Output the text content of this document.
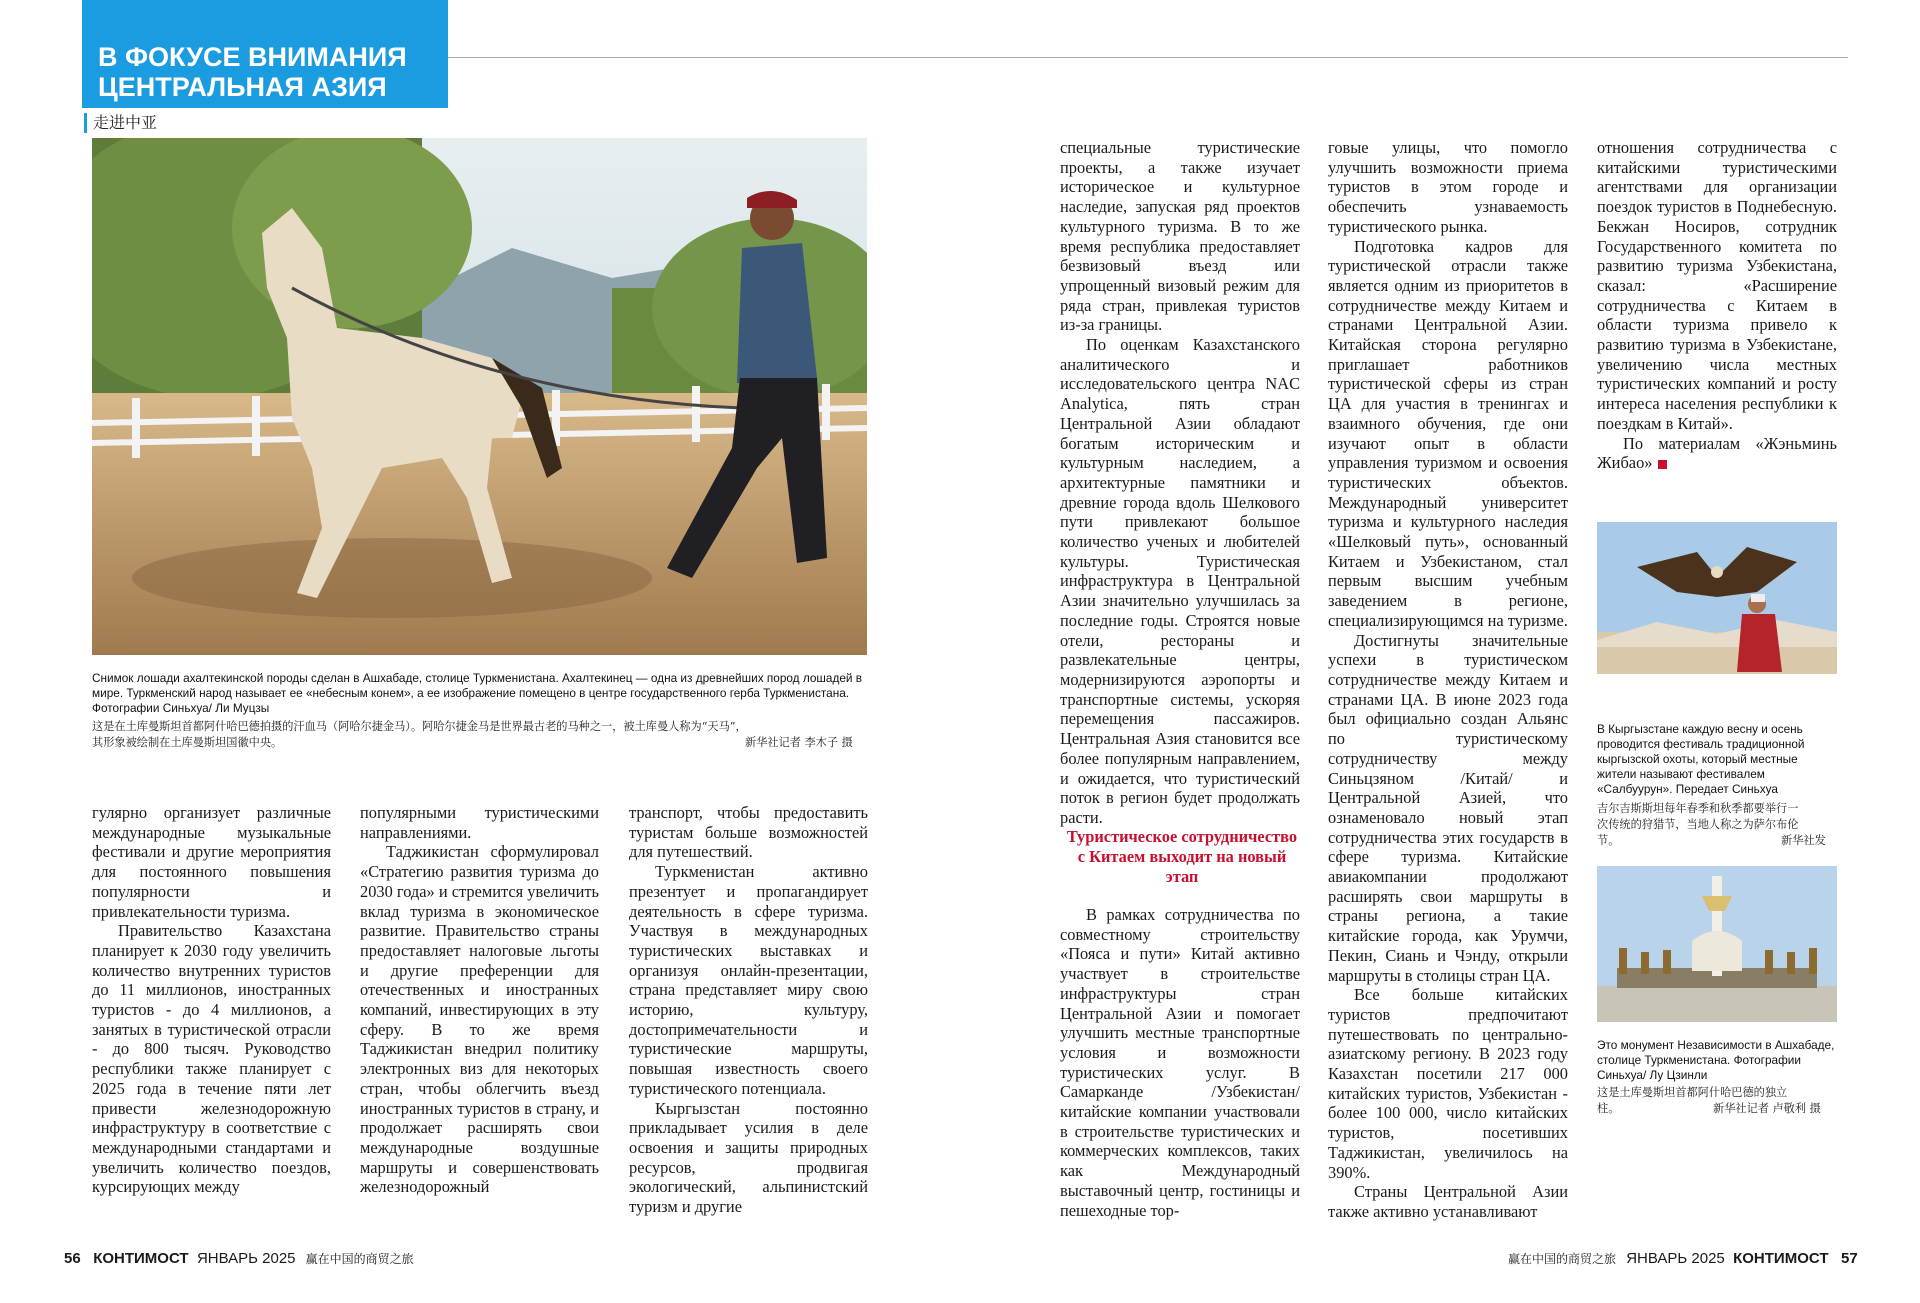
В ФОКУСЕ ВНИМАНИЯ
ЦЕНТРАЛЬНАЯ АЗИЯ
走进中亚
Снимок лошади ахалтекинской породы сделан в Ашхабаде, столице Туркменистана. Ахалтекинец — одна из древнейших пород лошадей в мире. Туркменский народ называет ее «небесным конем», а ее изображение помещено в центре государственного герба Туркменистана. Фотографии Синьхуа/ Ли Муцзы
这是在土库曼斯坦首都阿什哈巴德拍摄的汗血马（阿哈尔捷金马）。阿哈尔捷金马是世界最古老的马种之一，被土库曼人称为“天马”，
其形象被绘制在土库曼斯坦国徽中央。	新华社记者 李木子 摄

гулярно организует различные международные музыкальные фестивали и другие мероприятия для постоянного повышения популярности и привлекательности туризма.

Правительство Казахстана планирует к 2030 году увеличить количество внутренних туристов до 11 миллионов, иностранных туристов - до 4 миллионов, а занятых в туристической отрасли - до 800 тысяч. Руководство республики также планирует с 2025 года в течение пяти лет привести железнодорожную инфраструктуру в соответствие с международными стандартами и увеличить количество поездов, курсирующих между

популярными туристическими направлениями.

Таджикистан сформулировал «Стратегию развития туризма до 2030 года» и стремится увеличить вклад туризма в экономическое развитие. Правительство страны предоставляет налоговые льготы и другие преференции для отечественных и иностранных компаний, инвестирующих в эту сферу. В то же время Таджикистан внедрил политику электронных виз для некоторых стран, чтобы облегчить въезд иностранных туристов в страну, и продолжает расширять свои международные воздушные маршруты и совершенствовать железнодорожный

транспорт, чтобы предоставить туристам больше возможностей для путешествий.

Туркменистан активно презентует и пропагандирует деятельность в сфере туризма. Участвуя в международных туристических выставках и организуя онлайн-презентации, страна представляет миру свою историю, культуру, достопримечательности и туристические маршруты, повышая известность своего туристического потенциала.

Кыргызстан постоянно прикладывает усилия в деле освоения и защиты природных ресурсов, продвигая экологический, альпинистский туризм и другие

специальные туристические проекты, а также изучает историческое и культурное наследие, запуская ряд проектов культурного туризма. В то же время республика предоставляет безвизовый въезд или упрощенный визовый режим для ряда стран, привлекая туристов из-за границы.

По оценкам Казахстанского аналитического и исследовательского центра NAC Analytica, пять стран Центральной Азии обладают богатым историческим и культурным наследием, а архитектурные памятники и древние города вдоль Шелкового пути привлекают большое количество ученых и любителей культуры. Туристическая инфраструктура в Центральной Азии значительно улучшилась за последние годы. Строятся новые отели, рестораны и развлекательные центры, модернизируются аэропорты и транспортные системы, ускоряя перемещения пассажиров. Центральная Азия становится все более популярным направлением, и ожидается, что туристический поток в регион будет продолжать расти.

Туристическое сотрудничество с Китаем выходит на новый этап

В рамках сотрудничества по совместному строительству «Пояса и пути» Китай активно участвует в строительстве инфраструктуры стран Центральной Азии и помогает улучшить местные транспортные условия и возможности туристических услуг. В Самарканде /Узбекистан/ китайские компании участвовали в строительстве туристических и коммерческих комплексов, таких как Международный выставочный центр, гостиницы и пешеходные тор-

говые улицы, что помогло улучшить возможности приема туристов в этом городе и обеспечить узнаваемость туристического рынка.

Подготовка кадров для туристической отрасли также является одним из приоритетов в сотрудничестве между Китаем и странами Центральной Азии. Китайская сторона регулярно приглашает работников туристической сферы из стран ЦА для участия в тренингах и взаимного обучения, где они изучают опыт в области управления туризмом и освоения туристических объектов. Международный университет туризма и культурного наследия «Шелковый путь», основанный Китаем и Узбекистаном, стал первым высшим учебным заведением в регионе, специализирующимся на туризме.

Достигнуты значительные успехи в туристическом сотрудничестве между Китаем и странами ЦА. В июне 2023 года был официально создан Альянс по туристическому сотрудничеству между Синьцзяном /Китай/ и Центральной Азией, что ознаменовало новый этап сотрудничества этих государств в сфере туризма. Китайские авиакомпании продолжают расширять свои маршруты в страны региона, а такие китайские города, как Урумчи, Пекин, Сиань и Чэнду, открыли маршруты в столицы стран ЦА.

Все больше китайских туристов предпочитают путешествовать по центрально-азиатскому региону. В 2023 году Казахстан посетили 217 000 китайских туристов, Узбекистан - более 100 000, число китайских туристов, посетивших Таджикистан, увеличилось на 390%.

Страны Центральной Азии также активно устанавливают

отношения сотрудничества с китайскими туристическими агентствами для организации поездок туристов в Поднебесную. Бекжан Носиров, сотрудник Государственного комитета по развитию туризма Узбекистана, сказал: «Расширение сотрудничества с Китаем в области туризма привело к развитию туризма в Узбекистане, увеличению числа местных туристических компаний и росту интереса населения республики к поездкам в Китай».

По материалам «Жэньминь Жибао»

В Кыргызстане каждую весну и осень проводится фестиваль традиционной кыргызской охоты, который местные жители называют фестивалем «Салбуурун». Передает Синьхуа
吉尔吉斯斯坦每年春季和秋季都要举行一
次传统的狩猎节，当地人称之为萨尔布伦
节。	新华社发
Это монумент Независимости в Ашхабаде, столице Туркменистана. Фотографии Синьхуа/ Лу Цзинли
这是土库曼斯坦首都阿什哈巴德的独立
柱。	新华社记者 卢敬利 摄
56 КОНТИМОСТ ЯНВАРЬ 2025 赢在中国的商贸之旅	赢在中国的商贸之旅 ЯНВАРЬ 2025 КОНТИМОСТ 57
